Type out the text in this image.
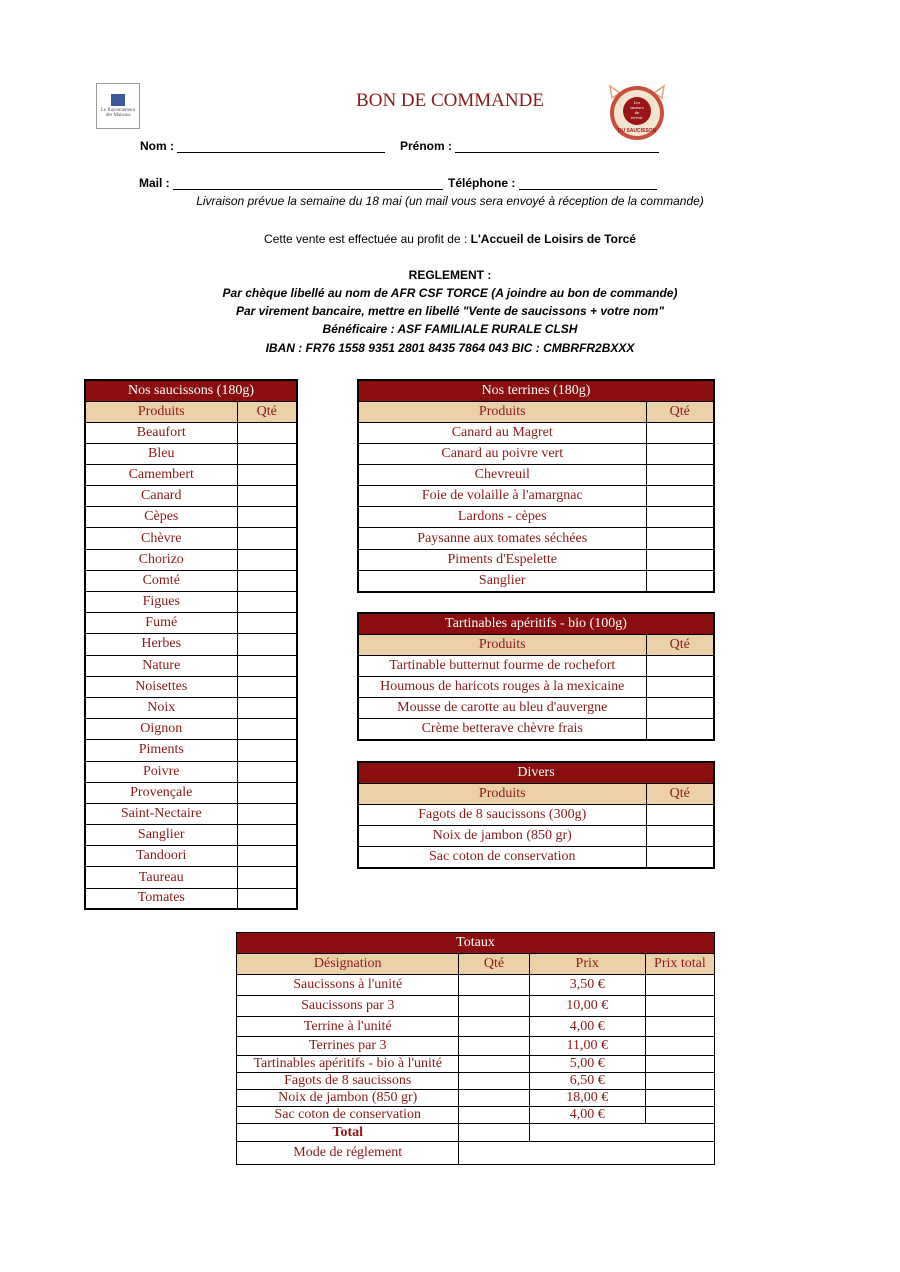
Le Rayonnement
des Maisons
BON DE COMMANDE	Les
saveurs
du
terroir
DU SAUCISSON
Nom :	Prénom :
Mail :	Téléphone :
Livraison prévue la semaine du 18 mai (un mail vous sera envoyé à réception de la commande)
Cette vente est effectuée au profit de : L'Accueil de Loisirs de Torcé
REGLEMENT :
Par chèque libellé au nom de AFR CSF TORCE (A joindre au bon de commande)
Par virement bancaire, mettre en libellé "Vente de saucissons + votre nom"
Bénéficaire : ASF FAMILIALE RURALE CLSH
IBAN : FR76 1558 9351 2801 8435 7864 043 BIC : CMBRFR2BXXX
Nos saucissons (180g)	
Produits	Qté
Beaufort	
Bleu	
Camembert	
Canard	
Cèpes	
Chèvre	
Chorizo	
Comté	
Figues	
Fumé	
Herbes	
Nature	
Noisettes	
Noix	
Oignon	
Piments	
Poivre	
Provençale	
Saint-Nectaire	
Sanglier	
Tandoori	
Taureau	
Tomates	
Nos terrines (180g)	
Produits	Qté
Canard au Magret	
Canard au poivre vert	
Chevreuil	
Foie de volaille à l'amargnac	
Lardons - cèpes	
Paysanne aux tomates séchées	
Piments d'Espelette	
Sanglier	
Tartinables apéritifs - bio (100g)	
Produits	Qté
Tartinable butternut fourme de rochefort	
Houmous de haricots rouges à la mexicaine	
Mousse de carotte au bleu d'auvergne	
Crème betterave chèvre frais	
Divers	
Produits	Qté
Fagots de 8 saucissons (300g)	
Noix de jambon (850 gr)	
Sac coton de conservation	
Totaux			
Désignation	Qté	Prix	Prix total
Saucissons à l'unité		3,50 €	
Saucissons par 3		10,00 €	
Terrine à l'unité		4,00 €	
Terrines par 3		11,00 €	
Tartinables apéritifs - bio à l'unité		5,00 €	
Fagots de 8 saucissons		6,50 €	
Noix de jambon (850 gr)		18,00 €	
Sac coton de conservation		4,00 €	
Total			
Mode de réglement			
